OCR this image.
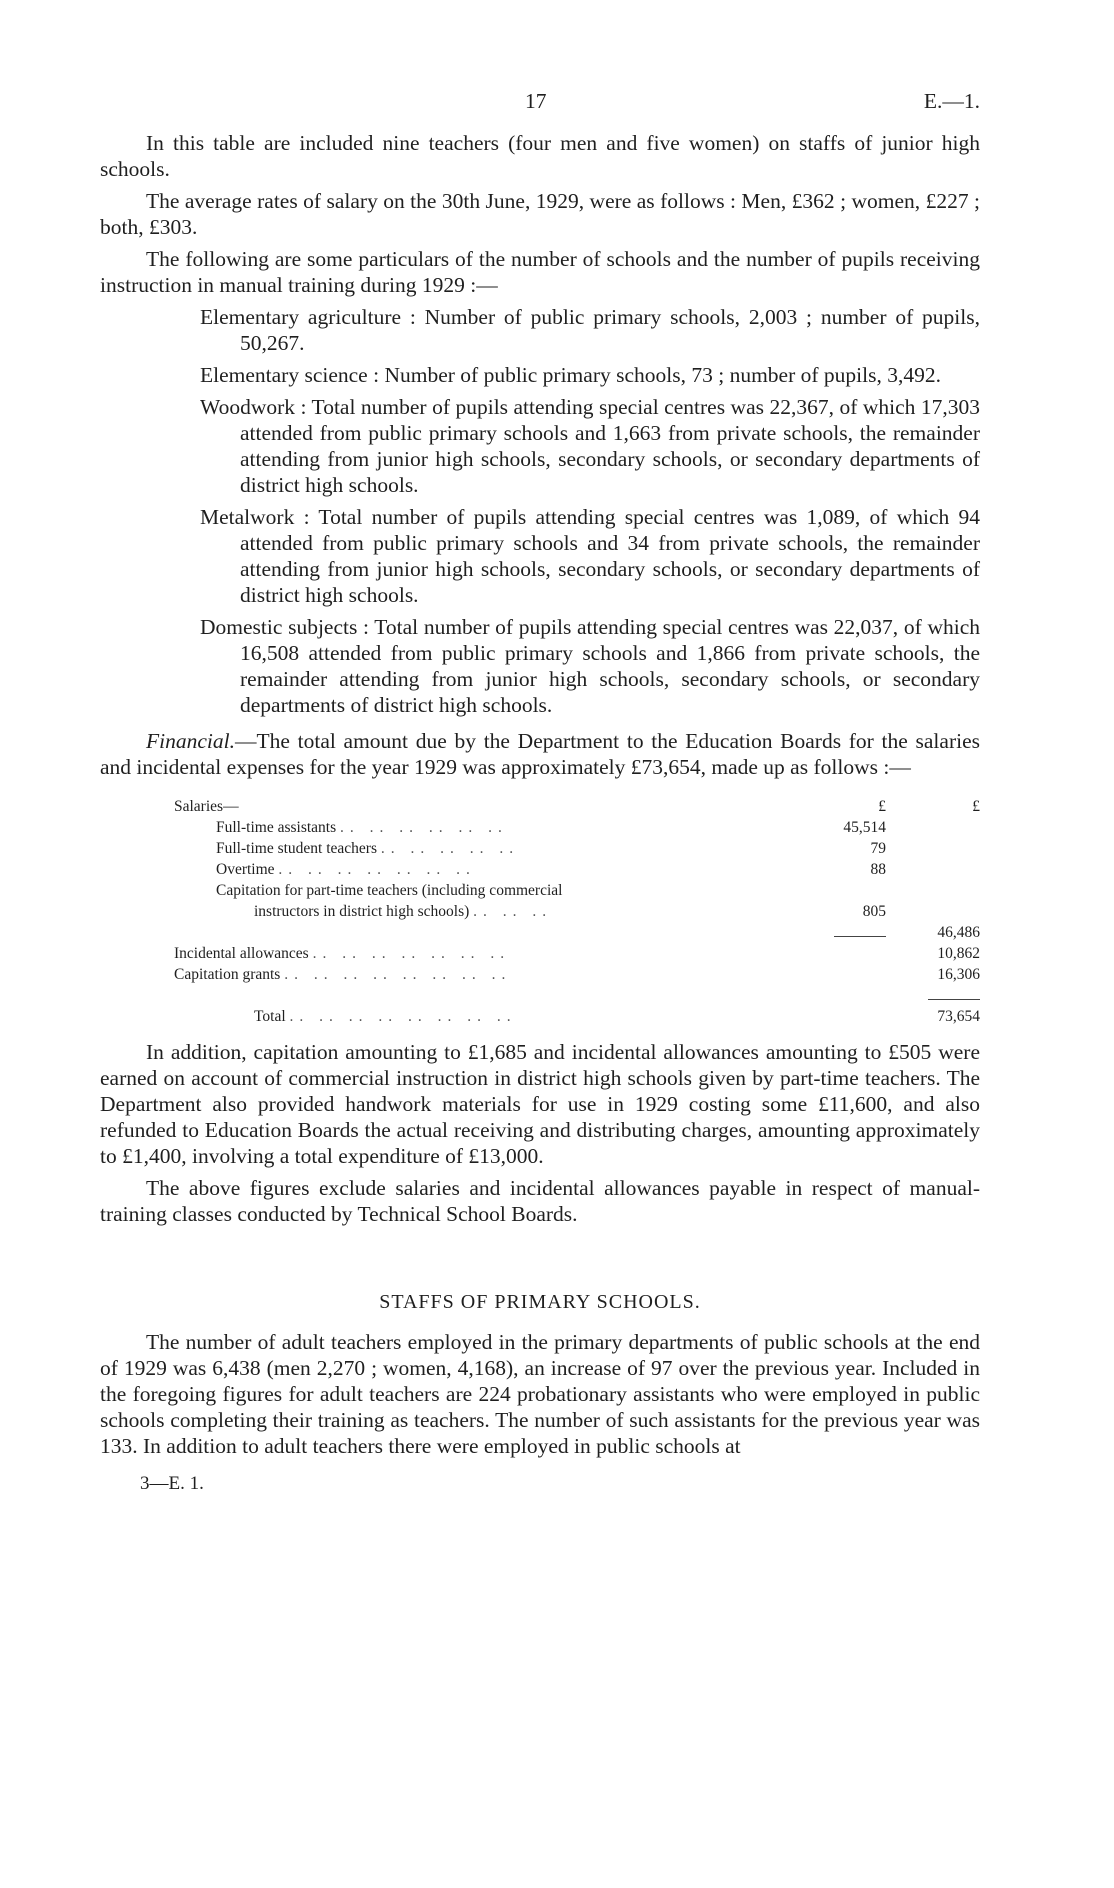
17	E.—1.

In this table are included nine teachers (four men and five women) on staffs of junior high schools.

The average rates of salary on the 30th June, 1929, were as follows : Men, £362 ; women, £227 ; both, £303.

The following are some particulars of the number of schools and the number of pupils receiving instruction in manual training during 1929 :—

Elementary agriculture : Number of public primary schools, 2,003 ; number of pupils, 50,267.
Elementary science : Number of public primary schools, 73 ; number of pupils, 3,492.
Woodwork : Total number of pupils attending special centres was 22,367, of which 17,303 attended from public primary schools and 1,663 from private schools, the remainder attending from junior high schools, secondary schools, or secondary departments of district high schools.
Metalwork : Total number of pupils attending special centres was 1,089, of which 94 attended from public primary schools and 34 from private schools, the remainder attending from junior high schools, secondary schools, or secondary departments of district high schools.
Domestic subjects : Total number of pupils attending special centres was 22,037, of which 16,508 attended from public primary schools and 1,866 from private schools, the remainder attending from junior high schools, secondary schools, or secondary departments of district high schools.

Financial.—The total amount due by the Department to the Education Boards for the salaries and incidental expenses for the year 1929 was approximately £73,654, made up as follows :—

Salaries—	£	£
Full-time assistants .. .. .. .. .. ..	45,514	
Full-time student teachers .. .. .. .. ..	79	
Overtime .. .. .. .. .. .. ..	88	
Capitation for part-time teachers (including commercial		
instructors in district high schools) .. .. ..	805	
		46,486
Incidental allowances .. .. .. .. .. .. ..		10,862
Capitation grants .. .. .. .. .. .. .. ..		16,306

Total .. .. .. .. .. .. .. ..		73,654

In addition, capitation amounting to £1,685 and incidental allowances amounting to £505 were earned on account of commercial instruction in district high schools given by part-time teachers. The Department also provided handwork materials for use in 1929 costing some £11,600, and also refunded to Education Boards the actual receiving and distributing charges, amounting approximately to £1,400, involving a total expenditure of £13,000.

The above figures exclude salaries and incidental allowances payable in respect of manual-training classes conducted by Technical School Boards.

STAFFS OF PRIMARY SCHOOLS.

The number of adult teachers employed in the primary departments of public schools at the end of 1929 was 6,438 (men 2,270 ; women, 4,168), an increase of 97 over the previous year. Included in the foregoing figures for adult teachers are 224 probationary assistants who were employed in public schools completing their training as teachers. The number of such assistants for the previous year was 133. In addition to adult teachers there were employed in public schools at

3—E. 1.
